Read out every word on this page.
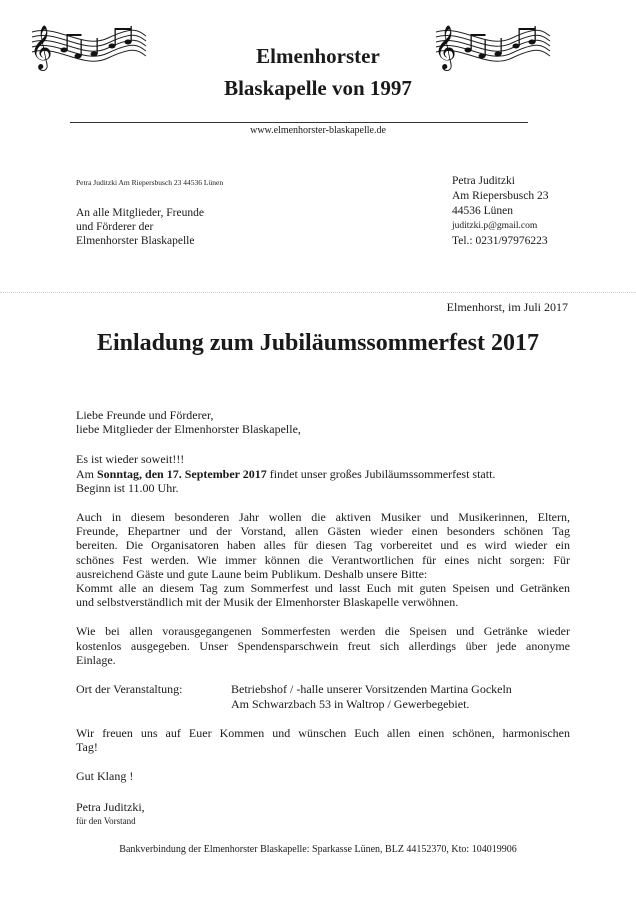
𝄞	𝄞
Elmenhorster
Blaskapelle von 1997
www.elmenhorster-blaskapelle.de
Petra Juditzki Am Riepersbusch 23 44536 Lünen
An alle Mitglieder, Freunde
und Förderer der
Elmenhorster Blaskapelle
Petra Juditzki
Am Riepersbusch 23
44536 Lünen
juditzki.p@gmail.com
Tel.: 0231/97976223
Elmenhorst, im Juli 2017
Einladung zum Jubiläumssommerfest 2017
Liebe Freunde und Förderer,
liebe Mitglieder der Elmenhorster Blaskapelle,
Es ist wieder soweit!!!
Am Sonntag, den 17. September 2017 findet unser großes Jubiläumssommerfest statt.
Beginn ist 11.00 Uhr.
Auch in diesem besonderen Jahr wollen die aktiven Musiker und Musikerinnen, Eltern,
Freunde, Ehepartner und der Vorstand, allen Gästen wieder einen besonders schönen Tag
bereiten. Die Organisatoren haben alles für diesen Tag vorbereitet und es wird wieder ein
schönes Fest werden. Wie immer können die Verantwortlichen für eines nicht sorgen: Für
ausreichend Gäste und gute Laune beim Publikum. Deshalb unsere Bitte:
Kommt alle an diesem Tag zum Sommerfest und lasst Euch mit guten Speisen und Getränken
und selbstverständlich mit der Musik der Elmenhorster Blaskapelle verwöhnen.
Wie bei allen vorausgegangenen Sommerfesten werden die Speisen und Getränke wieder
kostenlos ausgegeben. Unser Spendensparschwein freut sich allerdings über jede anonyme
Einlage.
Ort der Veranstaltung:	Betriebshof / -halle unserer Vorsitzenden Martina Gockeln
Am Schwarzbach 53 in Waltrop / Gewerbegebiet.
Wir freuen uns auf Euer Kommen und wünschen Euch allen einen schönen, harmonischen
Tag!
Gut Klang !
Petra Juditzki,
für den Vorstand
Bankverbindung der Elmenhorster Blaskapelle: Sparkasse Lünen, BLZ 44152370, Kto: 104019906
